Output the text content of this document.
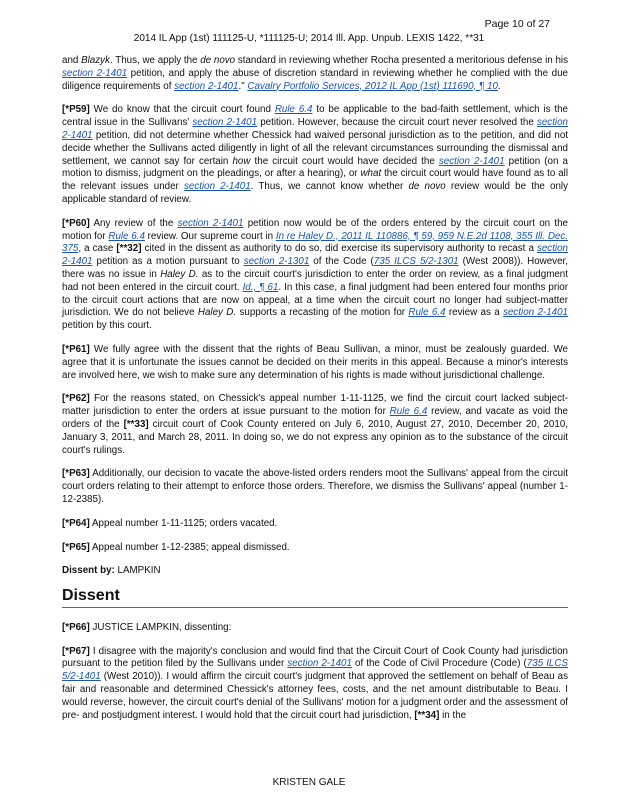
Page 10 of 27
2014 IL App (1st) 111125-U, *111125-U; 2014 Ill. App. Unpub. LEXIS 1422, **31

and Blazyk. Thus, we apply the de novo standard in reviewing whether Rocha presented a meritorious defense in his section 2-1401 petition, and apply the abuse of discretion standard in reviewing whether he complied with the due diligence requirements of section 2-1401." Cavalry Portfolio Services, 2012 IL App (1st) 111690, ¶ 10.

[*P59] We do know that the circuit court found Rule 6.4 to be applicable to the bad-faith settlement, which is the central issue in the Sullivans' section 2-1401 petition. However, because the circuit court never resolved the section 2-1401 petition, did not determine whether Chessick had waived personal jurisdiction as to the petition, and did not decide whether the Sullivans acted diligently in light of all the relevant circumstances surrounding the dismissal and settlement, we cannot say for certain how the circuit court would have decided the section 2-1401 petition (on a motion to dismiss, judgment on the pleadings, or after a hearing), or what the circuit court would have found as to all the relevant issues under section 2-1401. Thus, we cannot know whether de novo review would be the only applicable standard of review.

[*P60] Any review of the section 2-1401 petition now would be of the orders entered by the circuit court on the motion for Rule 6.4 review. Our supreme court in In re Haley D., 2011 IL 110886, ¶ 59, 959 N.E.2d 1108, 355 Ill. Dec. 375, a case [**32] cited in the dissent as authority to do so, did exercise its supervisory authority to recast a section 2-1401 petition as a motion pursuant to section 2-1301 of the Code (735 ILCS 5/2-1301 (West 2008)). However, there was no issue in Haley D. as to the circuit court's jurisdiction to enter the order on review, as a final judgment had not been entered in the circuit court. Id., ¶ 61. In this case, a final judgment had been entered four months prior to the circuit court actions that are now on appeal, at a time when the circuit court no longer had subject-matter jurisdiction. We do not believe Haley D. supports a recasting of the motion for Rule 6.4 review as a section 2-1401 petition by this court.

[*P61] We fully agree with the dissent that the rights of Beau Sullivan, a minor, must be zealously guarded. We agree that it is unfortunate the issues cannot be decided on their merits in this appeal. Because a minor's interests are involved here, we wish to make sure any determination of his rights is made without jurisdictional challenge.

[*P62] For the reasons stated, on Chessick's appeal number 1-11-1125, we find the circuit court lacked subject-matter jurisdiction to enter the orders at issue pursuant to the motion for Rule 6.4 review, and vacate as void the orders of the [**33] circuit court of Cook County entered on July 6, 2010, August 27, 2010, December 20, 2010, January 3, 2011, and March 28, 2011. In doing so, we do not express any opinion as to the substance of the circuit court's rulings.

[*P63] Additionally, our decision to vacate the above-listed orders renders moot the Sullivans' appeal from the circuit court orders relating to their attempt to enforce those orders. Therefore, we dismiss the Sullivans' appeal (number 1-12-2385).

[*P64] Appeal number 1-11-1125; orders vacated.

[*P65] Appeal number 1-12-2385; appeal dismissed.

Dissent by: LAMPKIN

Dissent

[*P66] JUSTICE LAMPKIN, dissenting:

[*P67] I disagree with the majority's conclusion and would find that the Circuit Court of Cook County had jurisdiction pursuant to the petition filed by the Sullivans under section 2-1401 of the Code of Civil Procedure (Code) (735 ILCS 5/2-1401 (West 2010)). I would affirm the circuit court's judgment that approved the settlement on behalf of Beau as fair and reasonable and determined Chessick's attorney fees, costs, and the net amount distributable to Beau. I would reverse, however, the circuit court's denial of the Sullivans' motion for a judgment order and the assessment of pre- and postjudgment interest. I would hold that the circuit court had jurisdiction, [**34] in the

KRISTEN GALE
